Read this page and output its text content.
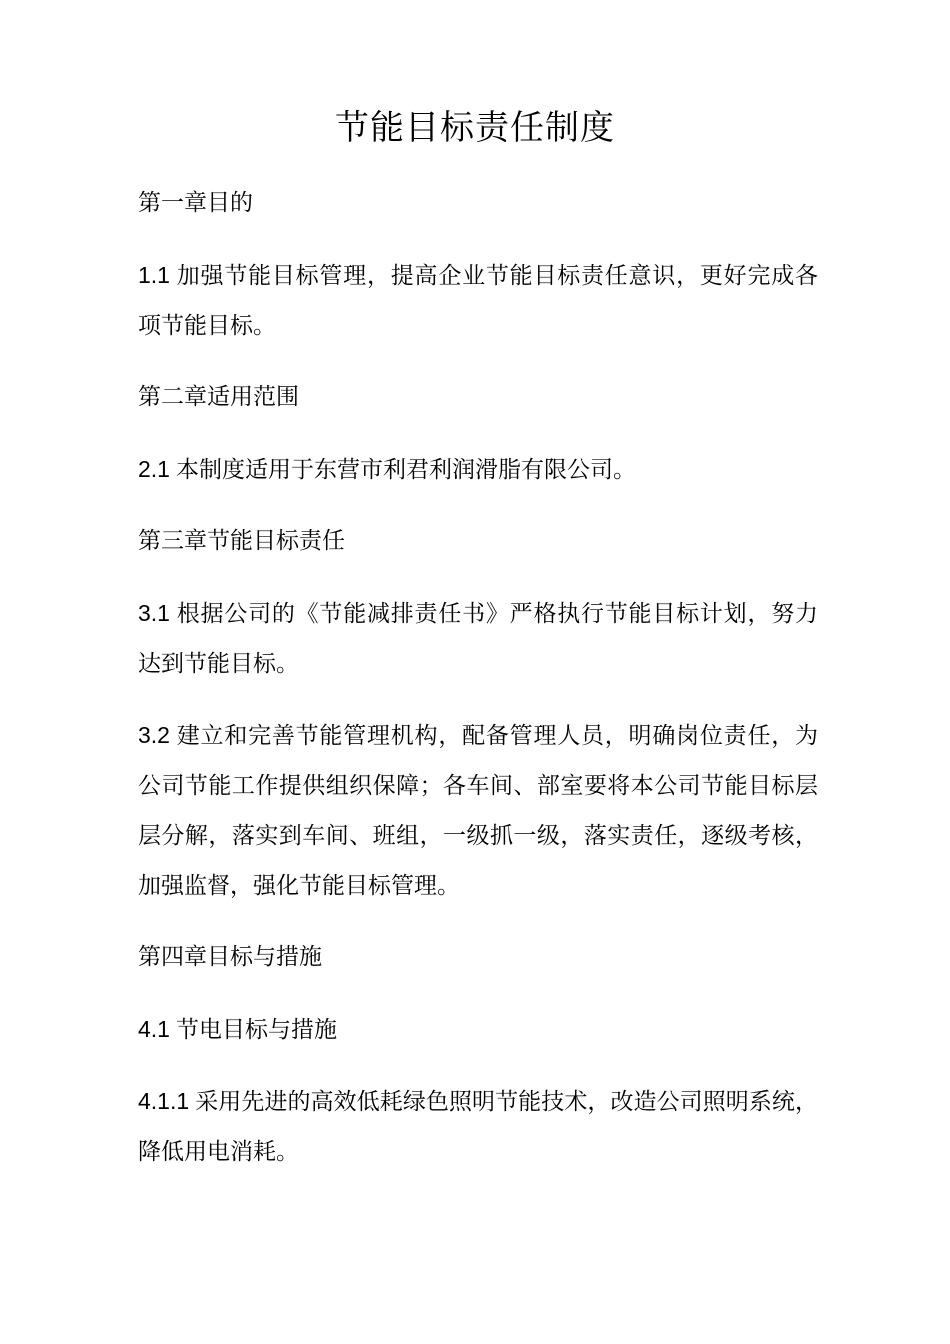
节能目标责任制度
第一章目的
1.1 加强节能目标管理，提高企业节能目标责任意识，更好完成各项节能目标。
第二章适用范围
2.1 本制度适用于东营市利君利润滑脂有限公司。
第三章节能目标责任
3.1 根据公司的《节能减排责任书》严格执行节能目标计划，努力达到节能目标。
3.2 建立和完善节能管理机构，配备管理人员，明确岗位责任，为公司节能工作提供组织保障；各车间、部室要将本公司节能目标层层分解，落实到车间、班组，一级抓一级，落实责任，逐级考核，加强监督，强化节能目标管理。
第四章目标与措施
4.1 节电目标与措施
4.1.1 采用先进的高效低耗绿色照明节能技术，改造公司照明系统，降低用电消耗。
